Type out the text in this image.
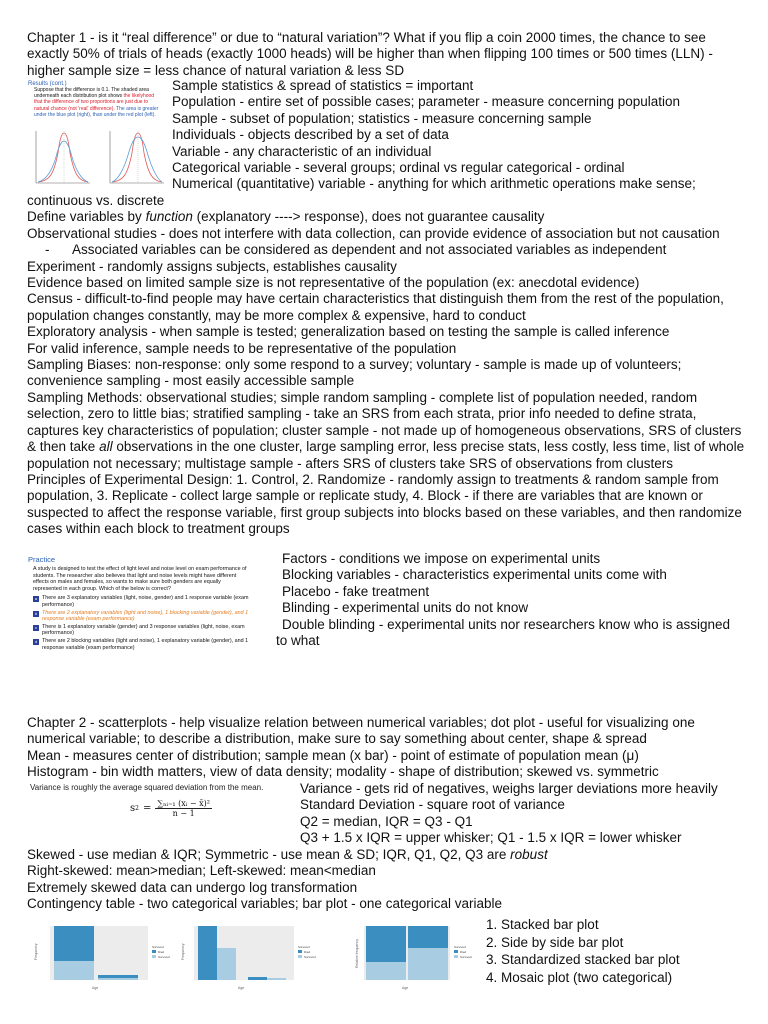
Chapter 1 - is it “real difference” or due to “natural variation”? What if you flip a coin 2000 times, the chance to see exactly 50% of trials of heads (exactly 1000 heads) will be higher than when flipping 100 times or 500 times (LLN) - higher sample size = less chance of natural variation & less SD

Results (cont.)
Suppose that the difference is 0.1. The shaded area underneath each distribution plot shows the likelyhood that the difference of two proportions are just due to natural chance (not 'real' difference). The area is greater under the blue plot (right), than under the red plot (left).

Sample statistics & spread of statistics = important

Population - entire set of possible cases; parameter - measure concerning population

Sample - subset of population; statistics - measure concerning sample

Individuals - objects described by a set of data

Variable - any characteristic of an individual

Categorical variable - several groups; ordinal vs regular categorical - ordinal

Numerical (quantitative) variable - anything for which arithmetic operations make sense;

continuous vs. discrete

Define variables by function (explanatory ----> response), does not guarantee causality

Observational studies - does not interfere with data collection, can provide evidence of association but not causation

- Associated variables can be considered as dependent and not associated variables as independent

Experiment - randomly assigns subjects, establishes causality

Evidence based on limited sample size is not representative of the population (ex: anecdotal evidence)

Census - difficult-to-find people may have certain characteristics that distinguish them from the rest of the population, population changes constantly, may be more complex & expensive, hard to conduct

Exploratory analysis - when sample is tested; generalization based on testing the sample is called inference

For valid inference, sample needs to be representative of the population

Sampling Biases: non-response: only some respond to a survey; voluntary - sample is made up of volunteers; convenience sampling - most easily accessible sample

Sampling Methods: observational studies; simple random sampling - complete list of population needed, random selection, zero to little bias; stratified sampling - take an SRS from each strata, prior info needed to define strata, captures key characteristics of population; cluster sample - not made up of homogeneous observations, SRS of clusters & then take all observations in the one cluster, large sampling error, less precise stats, less costly, less time, list of whole population not necessary; multistage sample - afters SRS of clusters take SRS of observations from clusters

Principles of Experimental Design: 1. Control, 2. Randomize - randomly assign to treatments & random sample from population, 3. Replicate - collect large sample or replicate study, 4. Block - if there are variables that are known or suspected to affect the response variable, first group subjects into blocks based on these variables, and then randomize cases within each block to treatment groups

Practice
A study is designed to test the effect of light level and noise level on exam performance of students. The researcher also believes that light and noise levels might have different effects on males and females, so wants to make sure both genders are equally represented in each group. Which of the below is correct?
a There are 3 explanatory variables (light, noise, gender) and 1 response variable (exam performance)
b There are 2 explanatory variables (light and noise), 1 blocking variable (gender), and 1 response variable (exam performance)
c There is 1 explanatory variable (gender) and 3 response variables (light, noise, exam performance)
d There are 2 blocking variables (light and noise), 1 explanatory variable (gender), and 1 response variable (exam performance)

Factors - conditions we impose on experimental units

Blocking variables - characteristics experimental units come with

Placebo - fake treatment

Blinding - experimental units do not know

Double blinding - experimental units nor researchers know who is assigned to what

Chapter 2 - scatterplots - help visualize relation between numerical variables; dot plot - useful for visualizing one numerical variable; to describe a distribution, make sure to say something about center, shape & spread

Mean - measures center of distribution; sample mean (x bar) - point of estimate of population mean (μ)

Histogram - bin width matters, view of data density; modality - shape of distribution; skewed vs. symmetric

Variance is roughly the average squared deviation from the mean.
s $2 = \frac{\text{∑ₙᵢ₌₁ (xᵢ − x̄)²}}{n - 1}$

Variance - gets rid of negatives, weighs larger deviations more heavily

Standard Deviation - square root of variance

Q2 = median, IQR = Q3 - Q1

Q3 + 1.5 x IQR = upper whisker; Q1 - 1.5 x IQR = lower whisker

Skewed - use median & IQR; Symmetric - use mean & SD; IQR, Q1, Q2, Q3 are robust

Right-skewed: mean>median; Left-skewed: mean<median

Extremely skewed data can undergo log transformation

Contingency table - two categorical variables; bar plot - one categorical variable

Frequency
Age
Survived
Died
Survived	Frequency
Age
Survived
Died
Survived	Relative frequency
Age
Survived
Died
Survived

1. Stacked bar plot

2. Side by side bar plot

3. Standardized stacked bar plot

4. Mosaic plot (two categorical)
